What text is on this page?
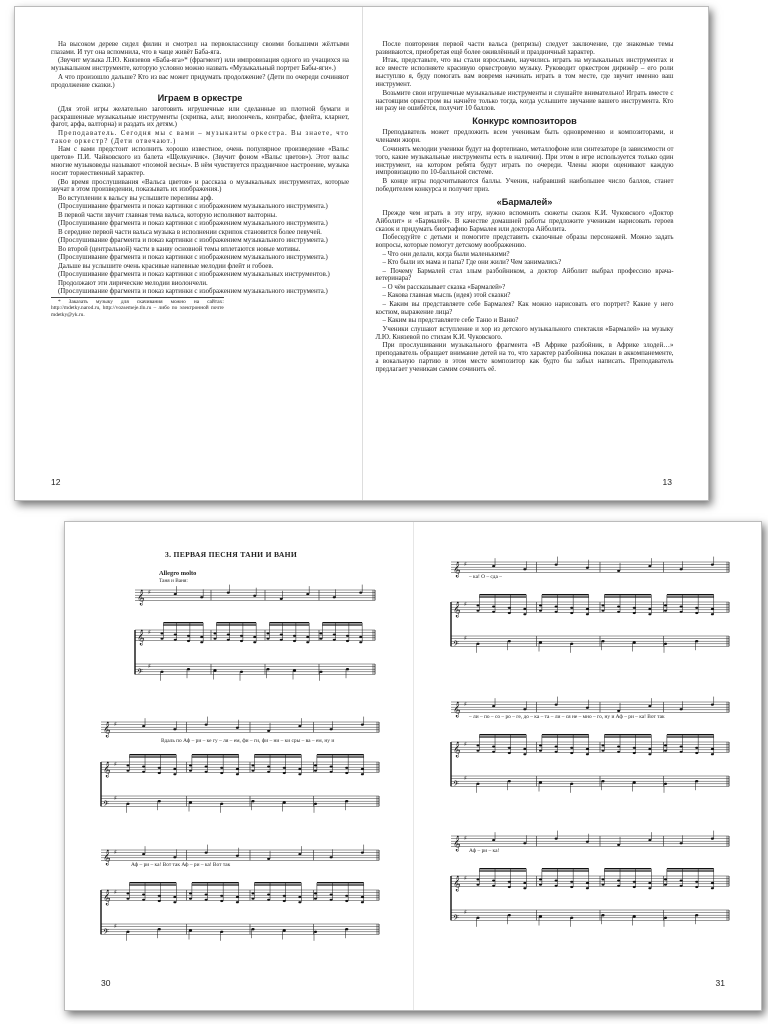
На высоком дереве сидел филин и смотрел на первоклассницу своими большими жёлтыми глазами. И тут она вспомнила, что в чаще живёт Баба-яга.

(Звучит музыка Л.Ю. Князевов «Баба-яга»* (фрагмент) или импровизация одного из учащихся на музыкальном инструменте, которую условно можно назвать «Музыкальный портрет Бабы-яги».)

А что произошло дальше? Кто из вас может придумать продолжение? (Дети по очереди сочиняют продолжение сказки.)

Играем в оркестре

(Для этой игры желательно заготовить игрушечные или сделанные из плотной бумаги и раскрашенные музыкальные инструменты (скрипка, альт, виолончель, контрабас, флейта, кларнет, фагот, арфа, валторна) и раздать их детям.)

Преподаватель. Сегодня мы с вами – музыканты оркестра. Вы знаете, что такое оркестр? (Дети отвечают.)

Нам с вами предстоит исполнить хорошо известное, очень популярное произведение «Вальс цветов» П.И. Чайковского из балета «Щелкунчик». (Звучит фоном «Вальс цветов»). Этот вальс многие музыковеды называют «поэмой весны». В нём чувствуется праздничное настроение, музыка носит торжественный характер.

(Во время прослушивания «Вальса цветов» и рассказа о музыкальных инструментах, которые звучат в этом произведении, показывать их изображения.)

Во вступлении к вальсу вы услышите переливы арф.

(Прослушивание фрагмента и показ картинки с изображением музыкального инструмента.)

В первой части звучит главная тема вальса, которую исполняют валторны.

(Прослушивание фрагмента и показ картинки с изображением музыкального инструмента.)

В середине первой части вальса музыка в исполнении скрипок становится более певучей.

(Прослушивание фрагмента и показ картинки с изображением музыкального инструмента.)

Во второй (центральной) части в канву основной темы вплетаются новые мотивы.

(Прослушивание фрагмента и показ картинки с изображением музыкального инструмента.)

Дальше вы услышите очень красивые напевные мелодии флейт и гобоев.

(Прослушивание фрагмента и показ картинки с изображением музыкальных инструментов.)

Продолжают эти лирические мелодии виолончели.

(Прослушивание фрагмента и показ картинки с изображением музыкального инструмента.)

* Заказать музыку для скачивания можно на сайтах: http://mdetky.narod.ru, http://vozsemeje.tln.ru – либо по электронной почте mdetky@yk.ru.

12

После повторения первой части вальса (репризы) следует заключение, где знакомые темы развиваются, приобретая ещё более оживлённый и праздничный характер.

Итак, представьте, что вы стали взрослыми, научились играть на музыкальных инструментах и все вместе исполняете красивую оркестровую музыку. Руководит оркестром дирижёр – его роли выступлю я, буду помогать вам вовремя начинать играть в том месте, где звучит именно ваш инструмент.

Возьмите свои игрушечные музыкальные инструменты и слушайте внимательно! Играть вместе с настоящим оркестром вы начнёте только тогда, когда услышите звучание вашего инструмента. Кто ни разу не ошибётся, получит 10 баллов.

Конкурс композиторов

Преподаватель может предложить всем ученикам быть одновременно и композиторами, и членами жюри.

Сочинять мелодии ученики будут на фортепиано, металлофоне или синтезаторе (в зависимости от того, какие музыкальные инструменты есть в наличии). При этом в игре используется только один инструмент, на котором ребята будут играть по очереди. Члены жюри оценивают каждую импровизацию по 10-балльной системе.

В конце игры подсчитываются баллы. Ученик, набравший наибольшее число баллов, станет победителем конкурса и получит приз.

«Бармалей»

Прежде чем играть в эту игру, нужно вспомнить сюжеты сказок К.И. Чуковского «Доктор Айболит» и «Бармалей». В качестве домашней работы предложите ученикам нарисовать героев сказок и придумать биографию Бармалея или доктора Айболита.

Побеседуйте с детьми и помогите представить сказочные образы персонажей. Можно задать вопросы, которые помогут детскому воображению.

– Что они делали, когда были маленькими?

– Кто были их мама и папа? Где они жили? Чем занимались?

– Почему Бармалей стал злым разбойником, а доктор Айболит выбрал профессию врача-ветеринара?

– О чём рассказывает сказка «Бармалей»?

– Какова главная мысль (идея) этой сказки?

– Каким вы представляете себе Бармалея? Как можно нарисовать его портрет? Какие у него костюм, выражение лица?

– Каким вы представляете себе Таню и Ваню?

Ученики слушают вступление и хор из детского музыкального спектакля «Бармалей» на музыку Л.Ю. Князевой по стихам К.И. Чуковского.

При прослушивании музыкального фрагмента «В Африке разбойник, в Африке злодей…» преподаватель обращает внимание детей на то, что характер разбойника показан в аккомпанементе, а вокальную партию в этом месте композитор как будто бы забыл написать. Преподаватель предлагает ученикам самим сочинить её.

13
3. ПЕРВАЯ ПЕСНЯ ТАНИ И ВАНИ
Allegro molto
Таня и Ваня:
𝄞 ♯
𝄞 ♯
𝄢
♯
𝄞 ♯
𝄞 ♯
𝄢
♯
Вдаль по Аф – ри – ке гу – ля – ем, фи – ги, фи – ни – ки сры – ва – ем, ну и
𝄞 ♯
𝄞 ♯
𝄢
♯
Аф – ри – ка! Вот так Аф – ри – ка! Вот так
30
𝄞 ♯
𝄞 ♯
𝄢
♯
– ка! О – сда –
𝄞 ♯
𝄞 ♯
𝄢
♯
– ли – по – со – ро – ге, до – ка – та – ли – ся не – мно – го, ну и Аф – ри – ка! Вот так
𝄞 ♯
𝄞 ♯
𝄢
♯
Аф – ри – ка!
31
